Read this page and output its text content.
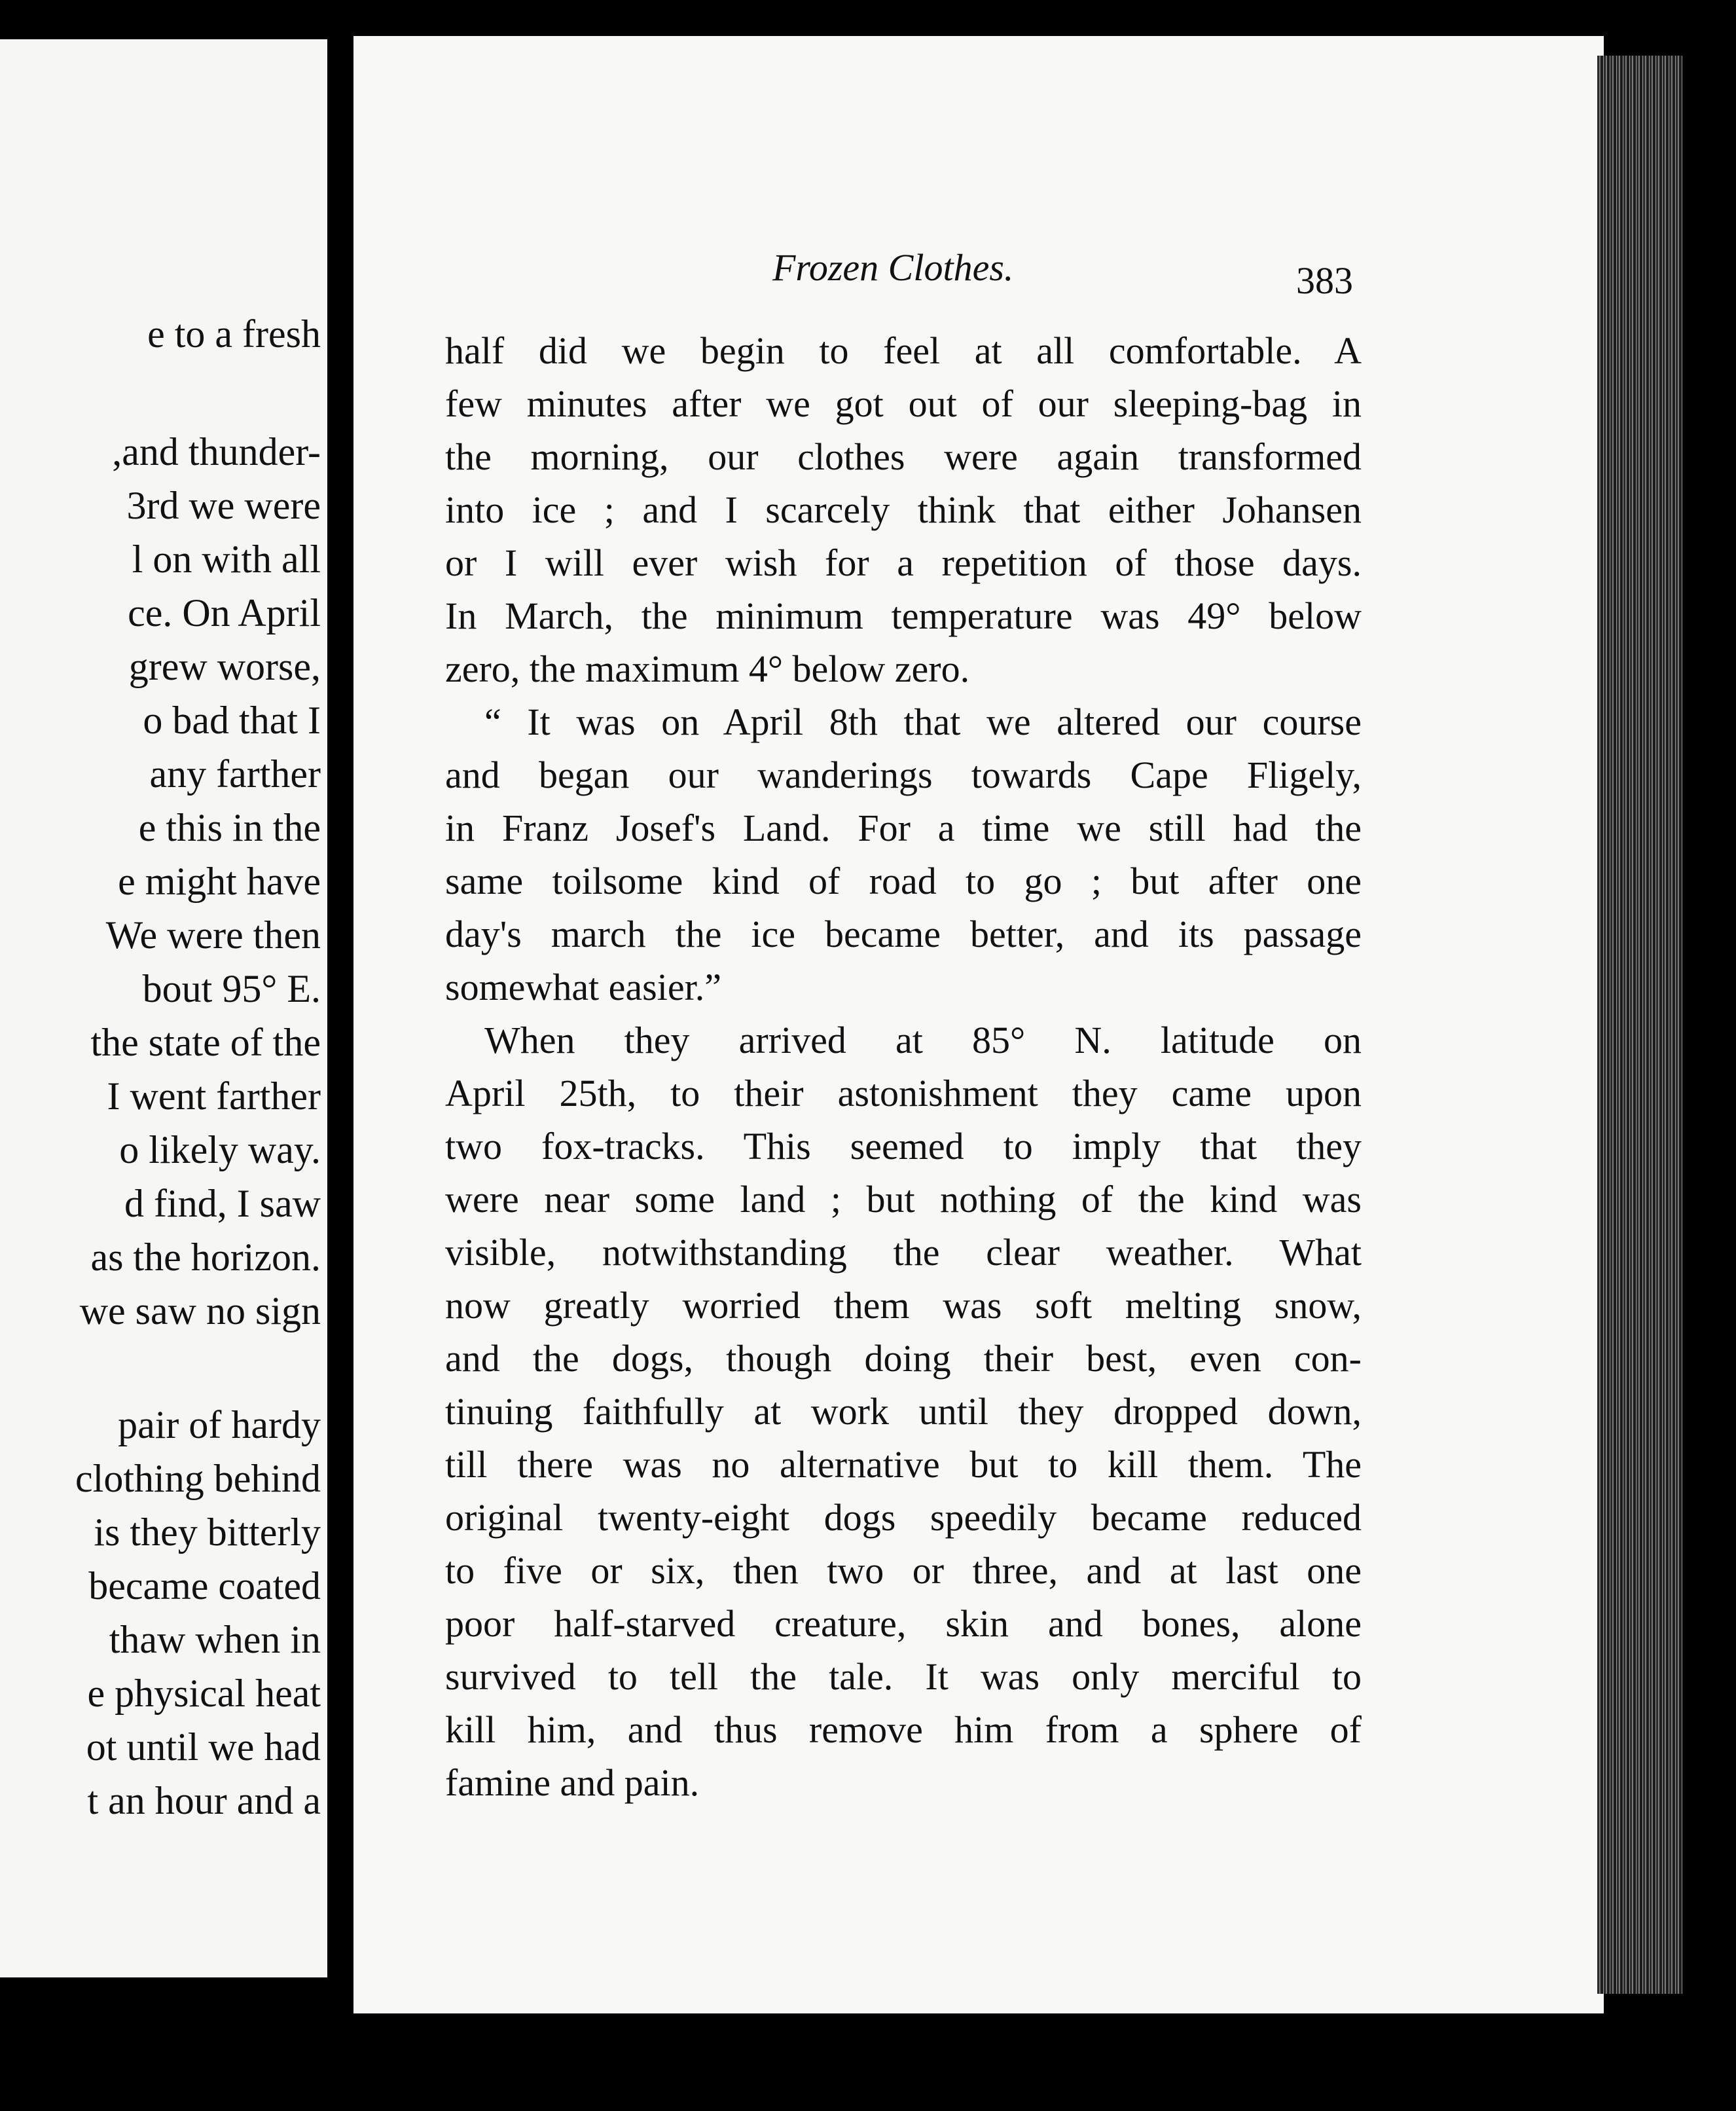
e to a fresh
,and thunder-
3rd we were
l on with all
ce. On April
grew worse,
o bad that I
any farther
e this in the
e might have
We were then
bout 95° E.
the state of the
I went farther
o likely way.
d find, I saw
as the horizon.
we saw no sign
pair of hardy
clothing behind
is they bitterly
became coated
thaw when in
e physical heat
ot until we had
t an hour and a
Frozen Clothes.	383
half did we begin to feel at all comfortable. A
few minutes after we got out of our sleeping-bag in
the morning, our clothes were again transformed
into ice ; and I scarcely think that either Johansen
or I will ever wish for a repetition of those days.
In March, the minimum temperature was 49° below
zero, the maximum 4° below zero.
“ It was on April 8th that we altered our course
and began our wanderings towards Cape Fligely,
in Franz Josef's Land. For a time we still had the
same toilsome kind of road to go ; but after one
day's march the ice became better, and its passage
somewhat easier.”
When they arrived at 85° N. latitude on
April 25th, to their astonishment they came upon
two fox-tracks. This seemed to imply that they
were near some land ; but nothing of the kind was
visible, notwithstanding the clear weather. What
now greatly worried them was soft melting snow,
and the dogs, though doing their best, even con-
tinuing faithfully at work until they dropped down,
till there was no alternative but to kill them. The
original twenty-eight dogs speedily became reduced
to five or six, then two or three, and at last one
poor half-starved creature, skin and bones, alone
survived to tell the tale. It was only merciful to
kill him, and thus remove him from a sphere of
famine and pain.
